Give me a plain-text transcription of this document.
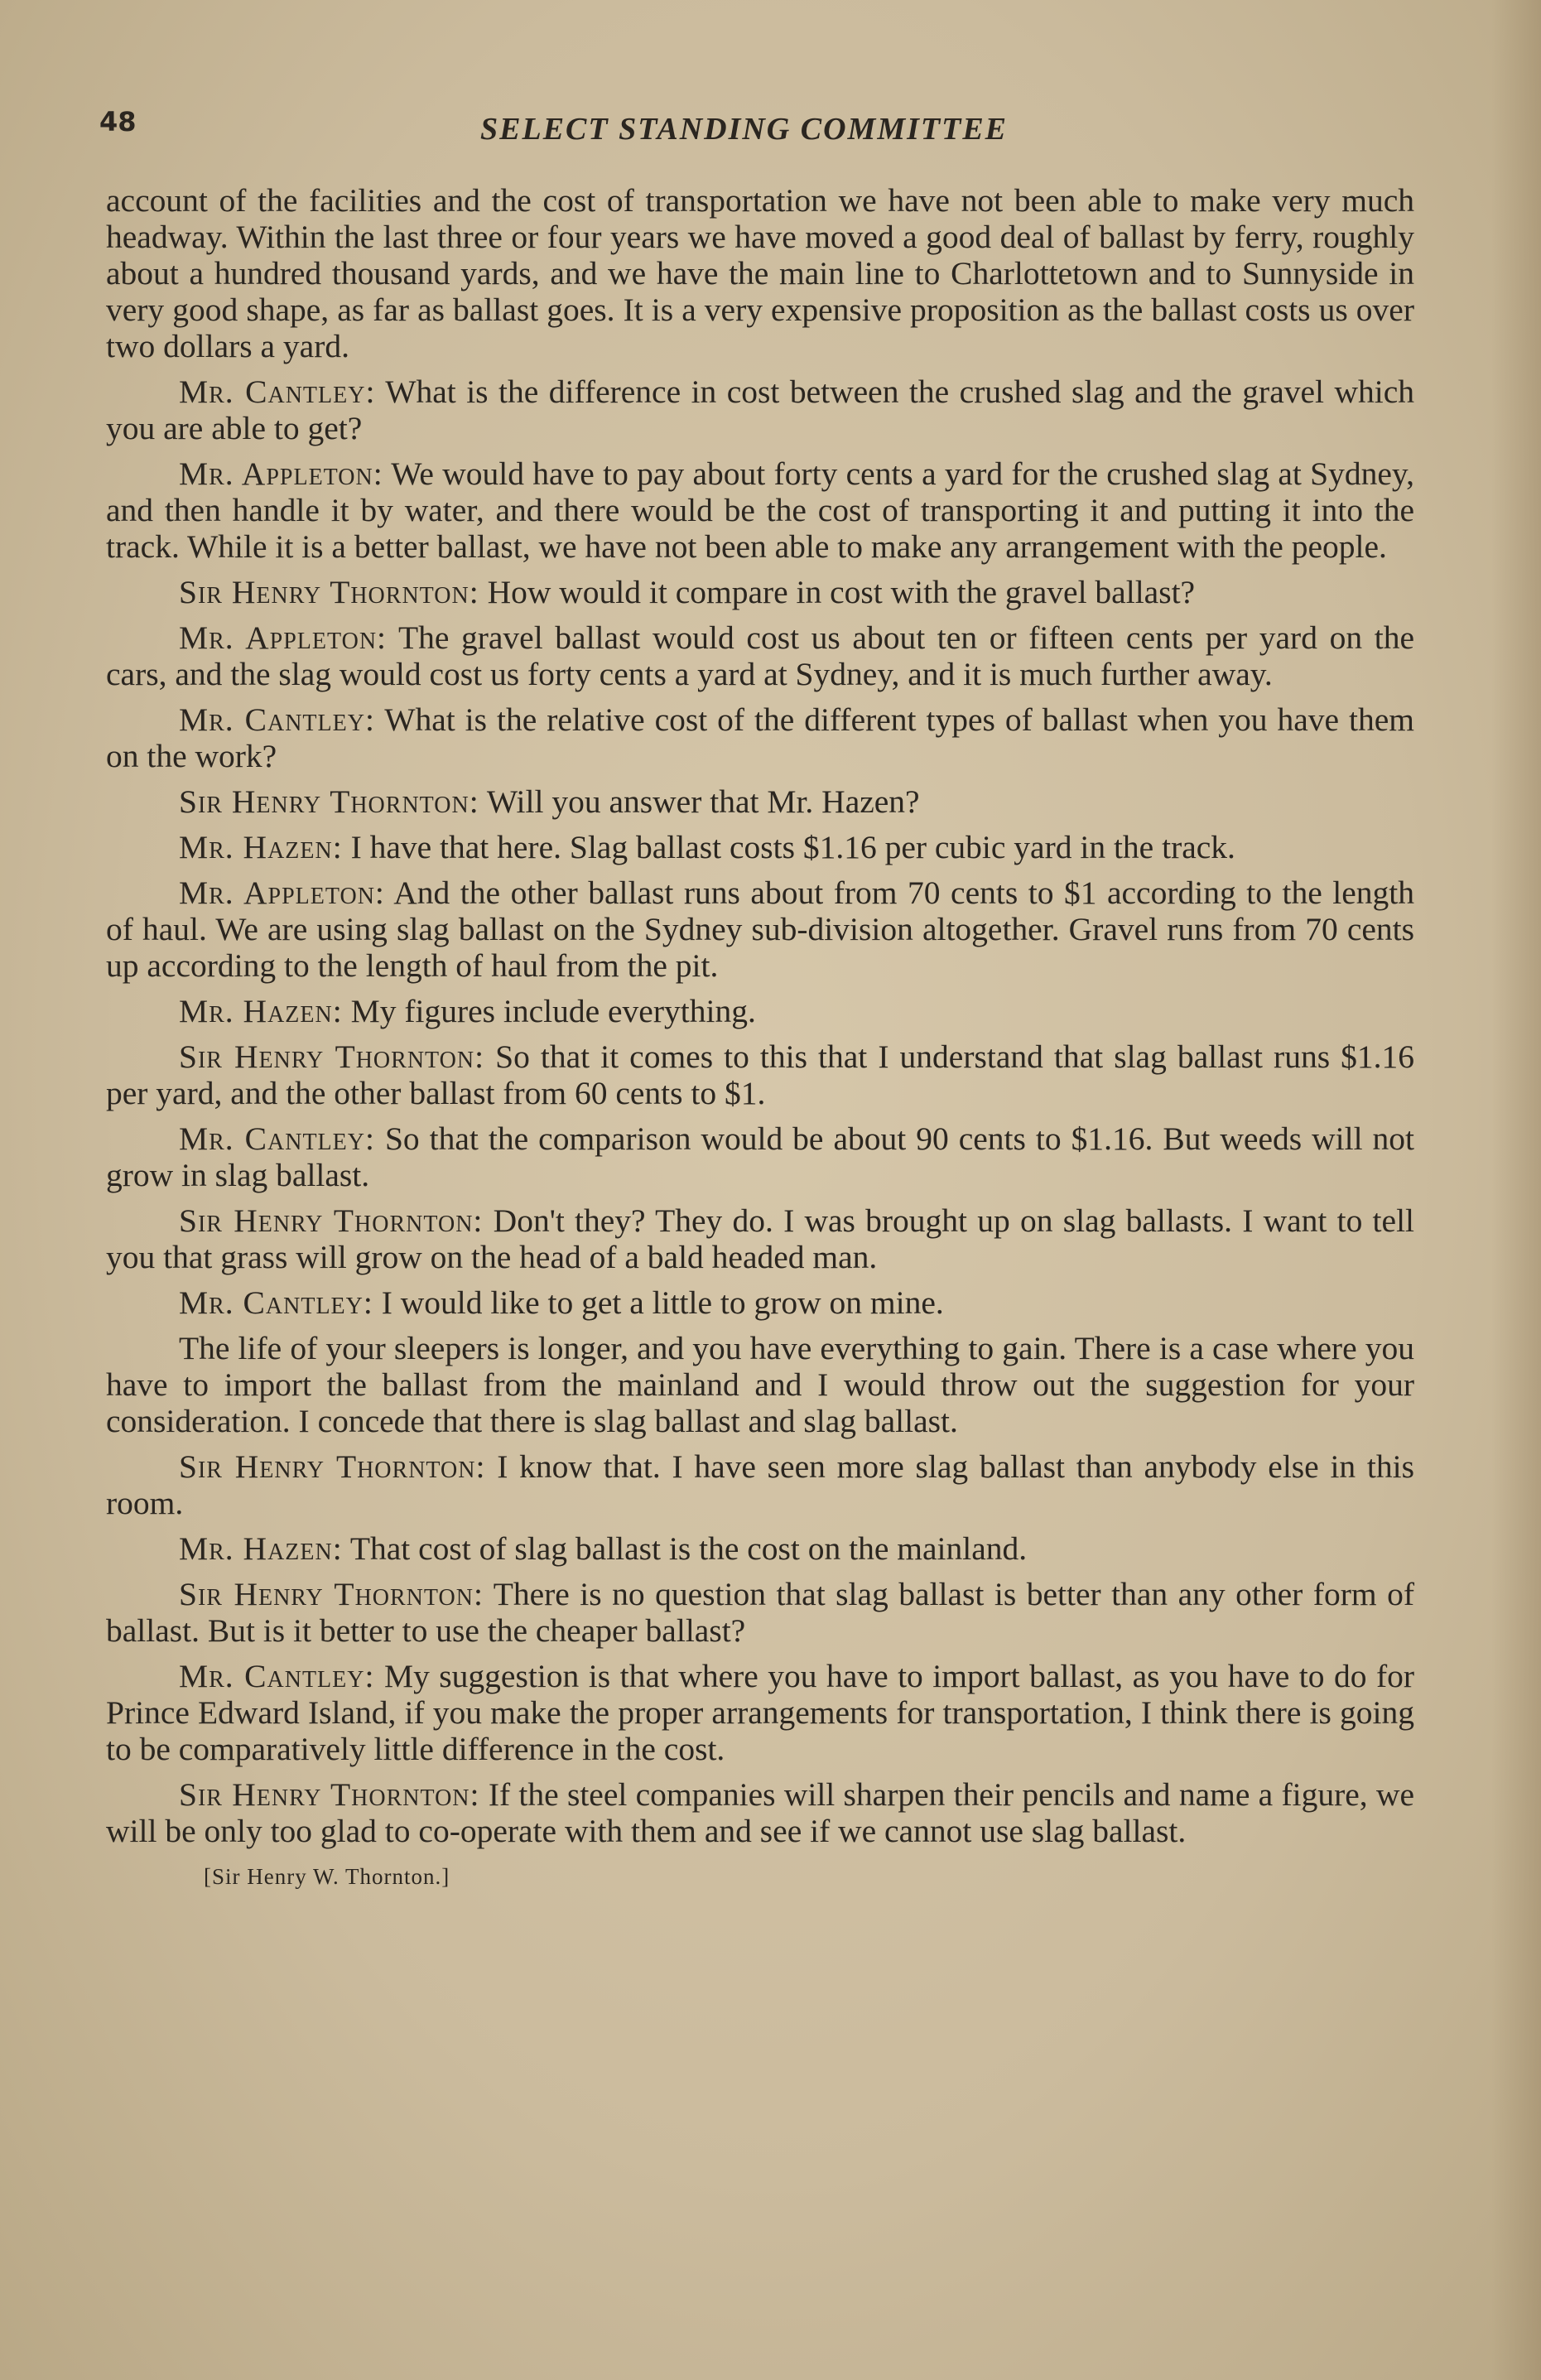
48	SELECT STANDING COMMITTEE

account of the facilities and the cost of transportation we have not been able to make very much headway. Within the last three or four years we have moved a good deal of ballast by ferry, roughly about a hundred thousand yards, and we have the main line to Charlottetown and to Sunnyside in very good shape, as far as ballast goes. It is a very expensive proposition as the ballast costs us over two dollars a yard.

Mr. Cantley: What is the difference in cost between the crushed slag and the gravel which you are able to get?

Mr. Appleton: We would have to pay about forty cents a yard for the crushed slag at Sydney, and then handle it by water, and there would be the cost of transporting it and putting it into the track. While it is a better ballast, we have not been able to make any arrangement with the people.

Sir Henry Thornton: How would it compare in cost with the gravel ballast?

Mr. Appleton: The gravel ballast would cost us about ten or fifteen cents per yard on the cars, and the slag would cost us forty cents a yard at Sydney, and it is much further away.

Mr. Cantley: What is the relative cost of the different types of ballast when you have them on the work?

Sir Henry Thornton: Will you answer that Mr. Hazen?

Mr. Hazen: I have that here. Slag ballast costs $1.16 per cubic yard in the track.

Mr. Appleton: And the other ballast runs about from 70 cents to $1 according to the length of haul. We are using slag ballast on the Sydney sub-division altogether. Gravel runs from 70 cents up according to the length of haul from the pit.

Mr. Hazen: My figures include everything.

Sir Henry Thornton: So that it comes to this that I understand that slag ballast runs $1.16 per yard, and the other ballast from 60 cents to $1.

Mr. Cantley: So that the comparison would be about 90 cents to $1.16. But weeds will not grow in slag ballast.

Sir Henry Thornton: Don't they? They do. I was brought up on slag ballasts. I want to tell you that grass will grow on the head of a bald headed man.

Mr. Cantley: I would like to get a little to grow on mine.

The life of your sleepers is longer, and you have everything to gain. There is a case where you have to import the ballast from the mainland and I would throw out the suggestion for your consideration. I concede that there is slag ballast and slag ballast.

Sir Henry Thornton: I know that. I have seen more slag ballast than anybody else in this room.

Mr. Hazen: That cost of slag ballast is the cost on the mainland.

Sir Henry Thornton: There is no question that slag ballast is better than any other form of ballast. But is it better to use the cheaper ballast?

Mr. Cantley: My suggestion is that where you have to import ballast, as you have to do for Prince Edward Island, if you make the proper arrangements for transportation, I think there is going to be comparatively little difference in the cost.

Sir Henry Thornton: If the steel companies will sharpen their pencils and name a figure, we will be only too glad to co-operate with them and see if we cannot use slag ballast.

[Sir Henry W. Thornton.]
